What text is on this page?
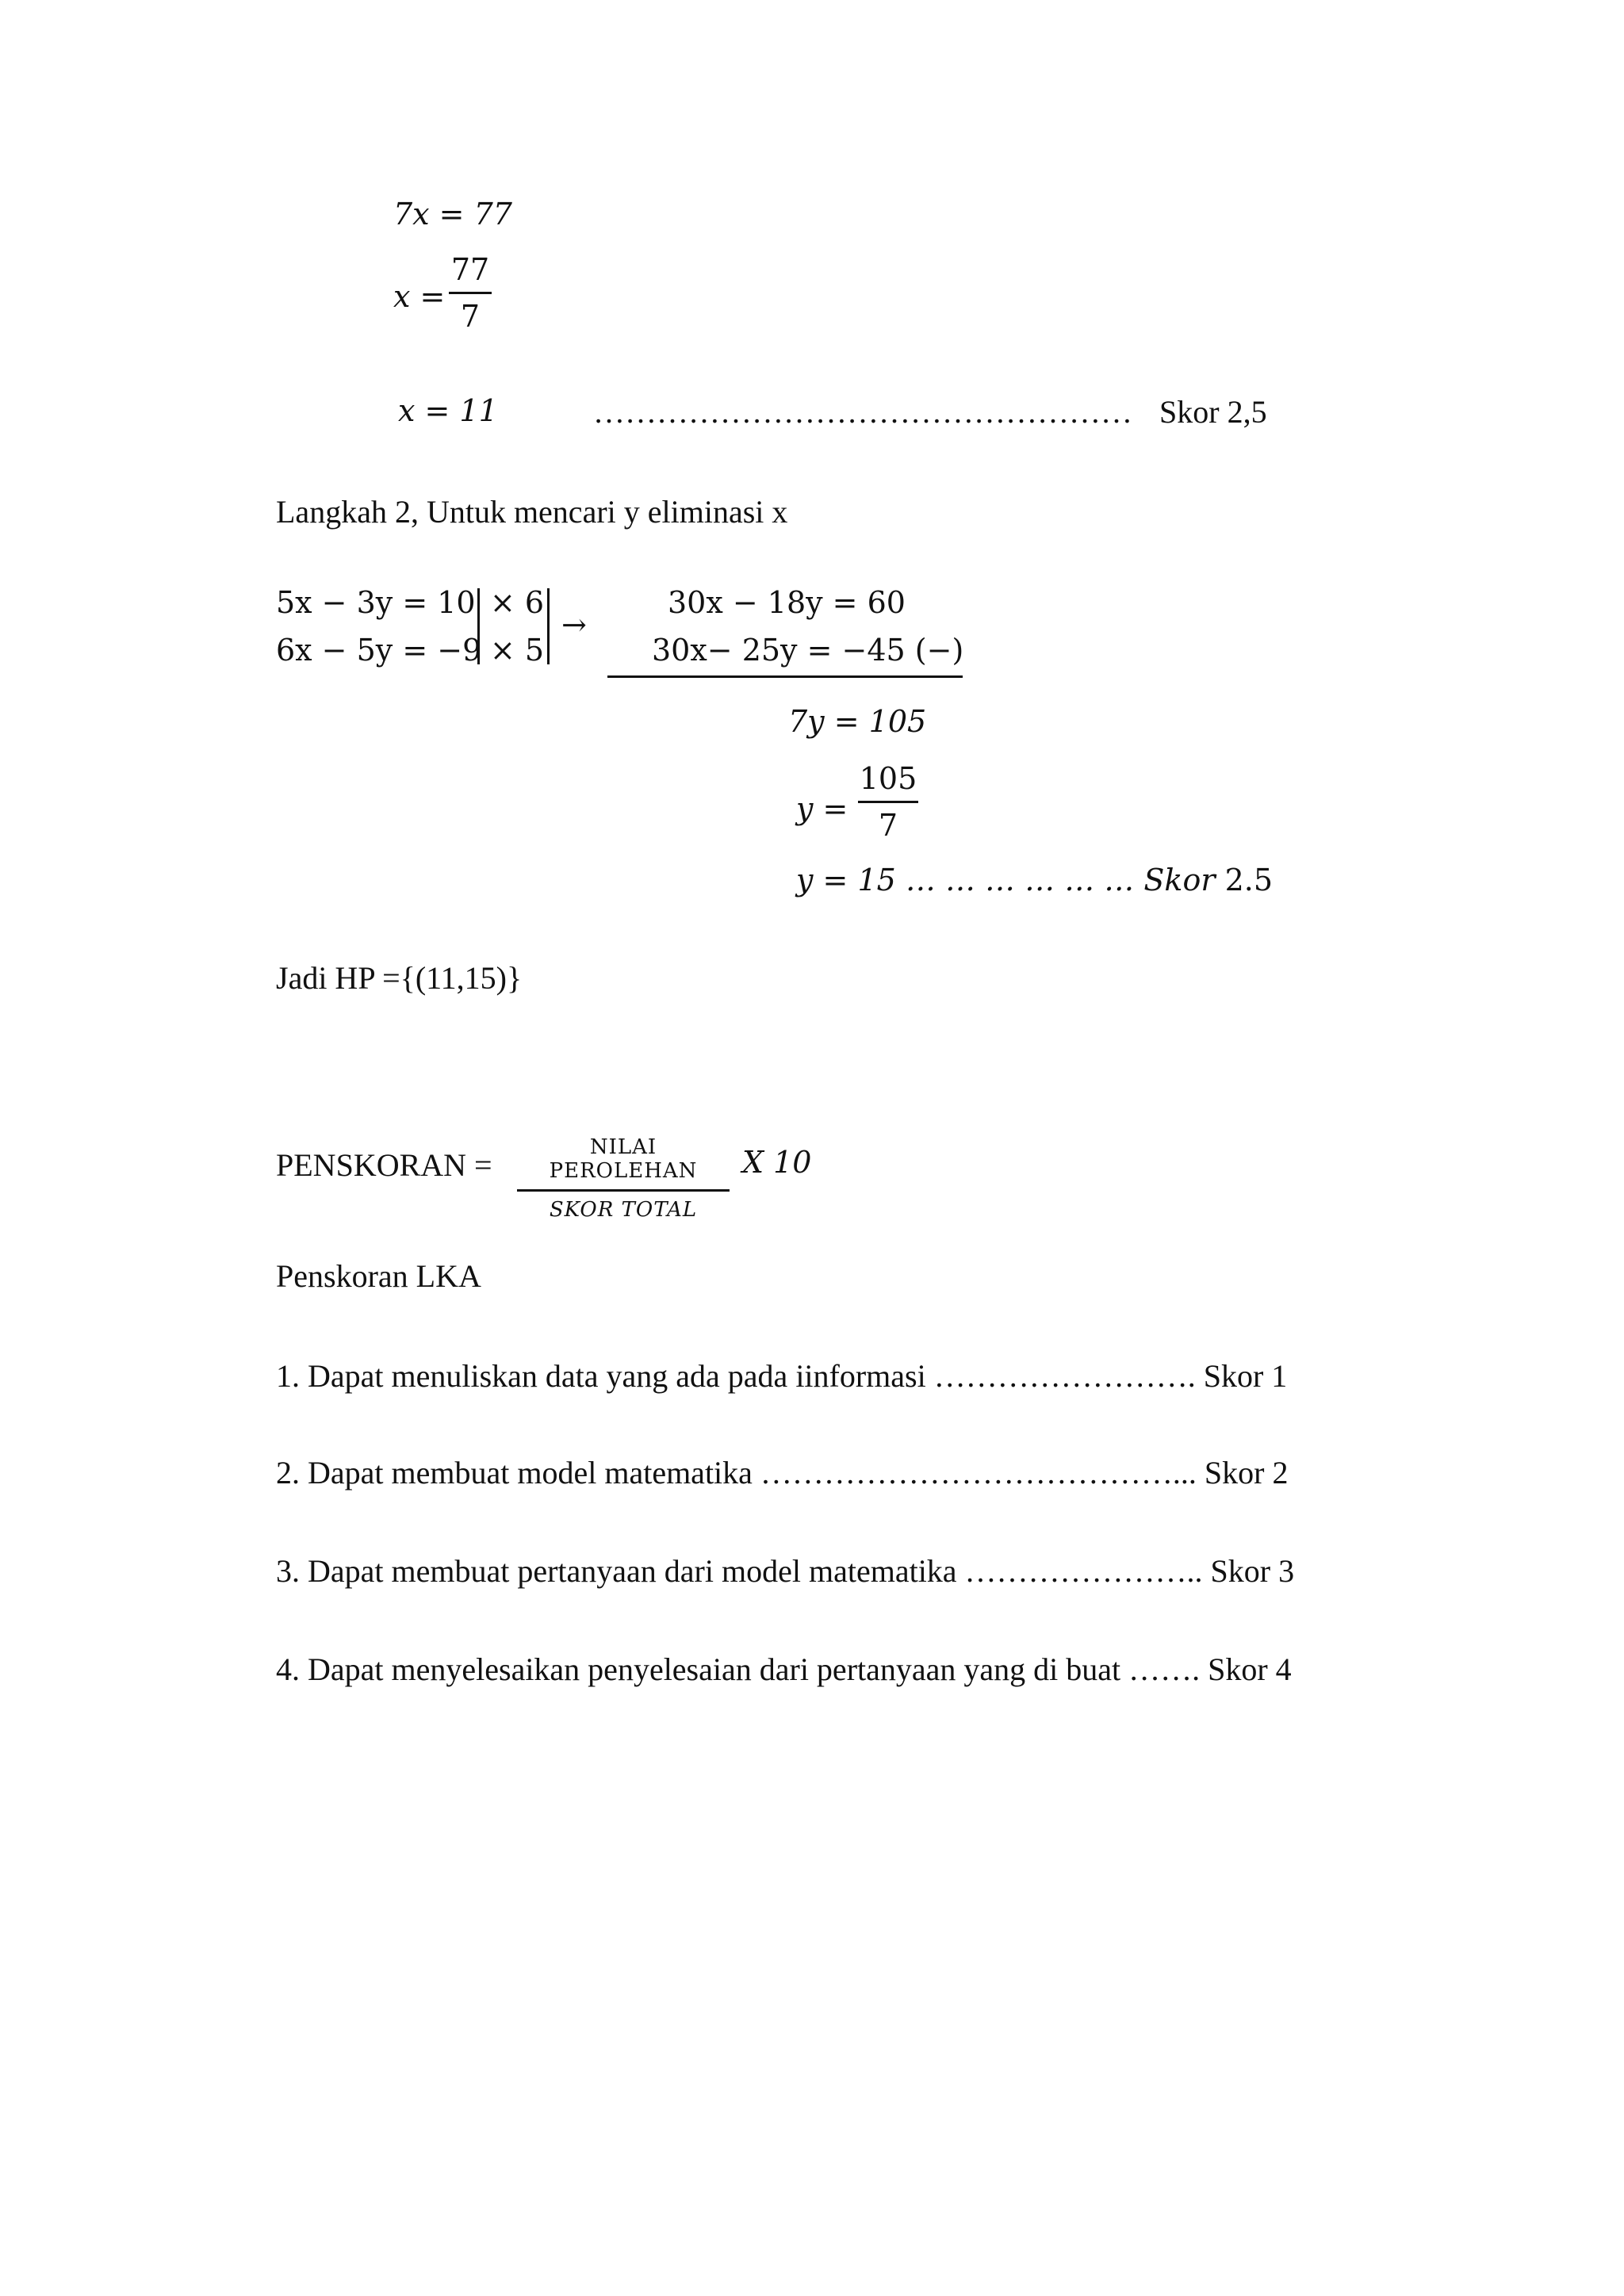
7x = 77
x =
77
7
x = 11	…………………………………………… Skor 2,5
Langkah 2, Untuk mencari y eliminasi x
5x − 3y = 10
6x − 5y = −9
× 6
× 5
→
30x − 18y = 60
30x− 25y = −45 (−)
7y = 105
y =
105
7
y = 15 … … … … … … Skor 2.5
Jadi HP ={(11,15)}
PENSKORAN =	NILAI PEROLEHAN
SKOR TOTAL
X 10
Penskoran LKA
1. Dapat menuliskan data yang ada pada iinformasi ……………………. Skor 1
2. Dapat membuat model matematika …………………………………... Skor 2
3. Dapat membuat pertanyaan dari model matematika ………………….. Skor 3
4. Dapat menyelesaikan penyelesaian dari pertanyaan yang di buat ……. Skor 4
